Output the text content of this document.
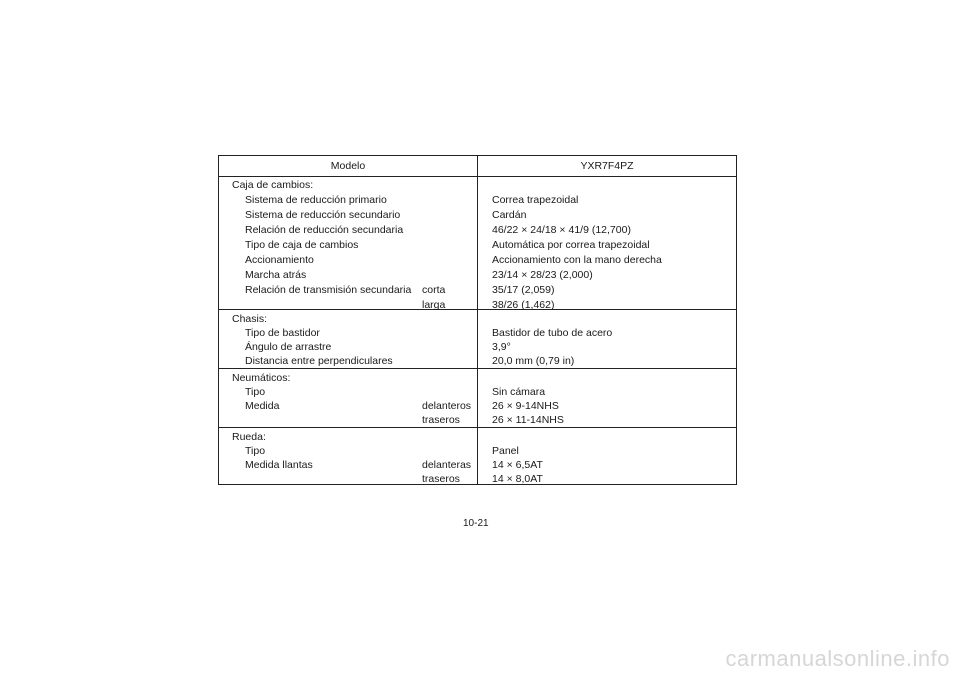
Modelo	YXR7F4PZ
Caja de cambios:
Sistema de reducción primario	Correa trapezoidal
Sistema de reducción secundario	Cardán
Relación de reducción secundaria	46/22 × 24/18 × 41/9 (12,700)
Tipo de caja de cambios	Automática por correa trapezoidal
Accionamiento	Accionamiento con la mano derecha
Marcha atrás	23/14 × 28/23 (2,000)
Relación de transmisión secundaria corta	35/17 (2,059)
larga	38/26 (1,462)
Chasis:
Tipo de bastidor	Bastidor de tubo de acero
Ángulo de arrastre	3,9°
Distancia entre perpendiculares	20,0 mm (0,79 in)
Neumáticos:
Tipo	Sin cámara
Medida	delanteros 26 × 9-14NHS
traseros	26 × 11-14NHS
Rueda:
Tipo	Panel
Medida llantas	delanteras 14 × 6,5AT
traseros	14 × 8,0AT
10-21
carmanualsonline.info
